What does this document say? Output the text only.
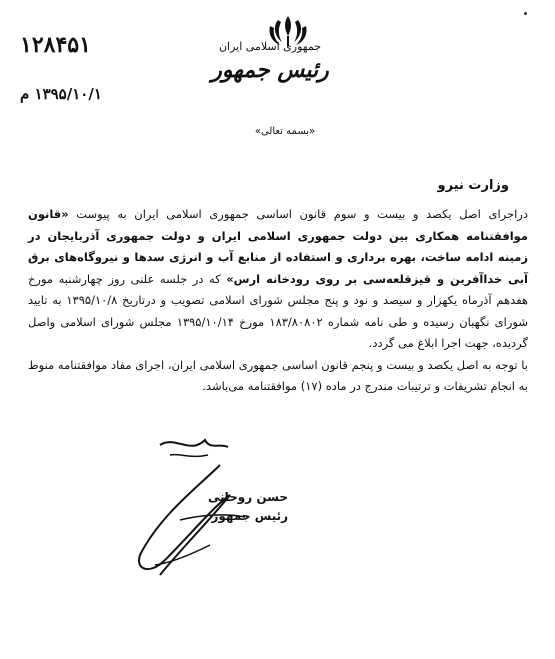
جمهوری اسلامی ایران
رئیس جمهور
۱۲۸۴۵۱
۱۳۹۵/۱۰/۱ م
«بسمه تعالی»
وزارت نیرو

دراجرای اصل یکصد و بیست و سوم قانون اساسی جمهوری اسلامی ایران به پیوست «قانون موافقتنامه همکاری بین دولت جمهوری اسلامی ایران و دولت جمهوری آذربایجان در زمینه ادامه ساخت، بهره برداری و استفاده از منابع آب و انرژی سدها و نیروگاه‌های برق آبی خداآفرین و قیزقلعه‌سی بر روی رودخانه ارس» که در جلسه علنی روز چهارشنبه مورخ هفدهم آذرماه یکهزار و سیصد و نود و پنج مجلس شورای اسلامی تصویب و درتاریخ ۱۳۹۵/۱۰/۸ به تایید شورای نگهبان رسیده و طی نامه شماره ۱۸۳/۸۰۸۰۲ مورخ ۱۳۹۵/۱۰/۱۴ مجلس شورای اسلامی واصل گردیده، جهت اجرا ابلاغ می گردد.

با توجه به اصل یکصد و بیست و پنجم قانون اساسی جمهوری اسلامی ایران، اجرای مفاد موافقتنامه منوط به انجام تشریفات و ترتیبات مندرج در ماده (۱۷) موافقتنامه می‌باشد.

حسن روحانی
رئیس جمهور
